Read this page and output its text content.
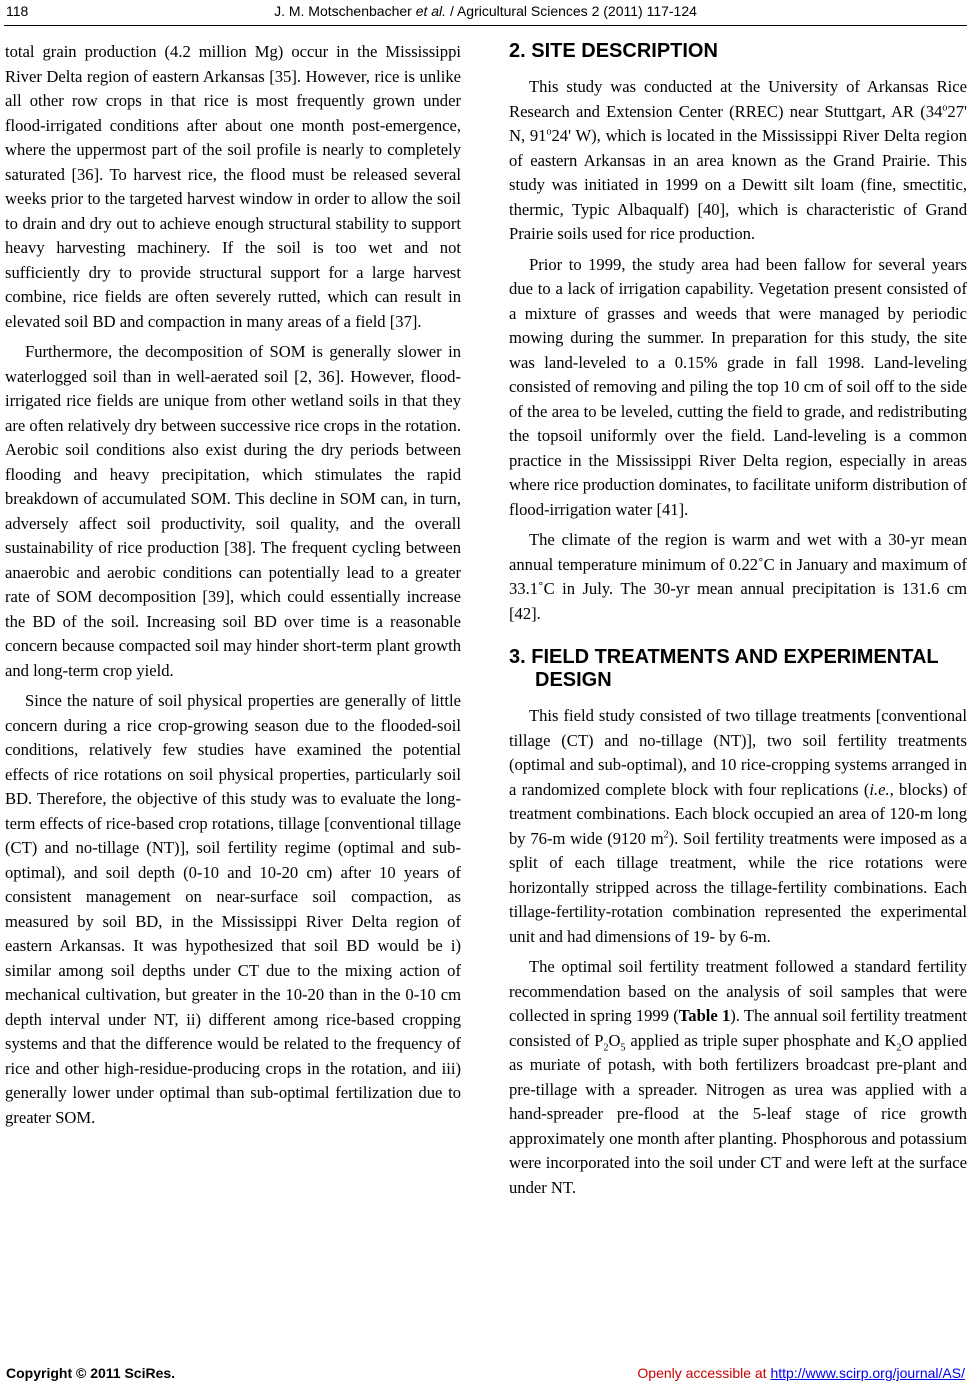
118	J. M. Motschenbacher et al. / Agricultural Sciences 2 (2011) 117-124

total grain production (4.2 million Mg) occur in the Mississippi River Delta region of eastern Arkansas [35]. However, rice is unlike all other row crops in that rice is most frequently grown under flood-irrigated conditions after about one month post-emergence, where the uppermost part of the soil profile is nearly to completely saturated [36]. To harvest rice, the flood must be released several weeks prior to the targeted harvest window in order to allow the soil to drain and dry out to achieve enough structural stability to support heavy harvesting machinery. If the soil is too wet and not sufficiently dry to provide structural support for a large harvest combine, rice fields are often severely rutted, which can result in elevated soil BD and compaction in many areas of a field [37].

Furthermore, the decomposition of SOM is generally slower in waterlogged soil than in well-aerated soil [2, 36]. However, flood-irrigated rice fields are unique from other wetland soils in that they are often relatively dry between successive rice crops in the rotation. Aerobic soil conditions also exist during the dry periods between flooding and heavy precipitation, which stimulates the rapid breakdown of accumulated SOM. This decline in SOM can, in turn, adversely affect soil productivity, soil quality, and the overall sustainability of rice production [38]. The frequent cycling between anaerobic and aerobic conditions can potentially lead to a greater rate of SOM decomposition [39], which could essentially increase the BD of the soil. Increasing soil BD over time is a reasonable concern because compacted soil may hinder short-term plant growth and long-term crop yield.

Since the nature of soil physical properties are generally of little concern during a rice crop-growing season due to the flooded-soil conditions, relatively few studies have examined the potential effects of rice rotations on soil physical properties, particularly soil BD. Therefore, the objective of this study was to evaluate the long-term effects of rice-based crop rotations, tillage [conventional tillage (CT) and no-tillage (NT)], soil fertility regime (optimal and sub-optimal), and soil depth (0-10 and 10-20 cm) after 10 years of consistent management on near-surface soil compaction, as measured by soil BD, in the Mississippi River Delta region of eastern Arkansas. It was hypothesized that soil BD would be i) similar among soil depths under CT due to the mixing action of mechanical cultivation, but greater in the 10-20 than in the 0-10 cm depth interval under NT, ii) different among rice-based cropping systems and that the difference would be related to the frequency of rice and other high-residue-producing crops in the rotation, and iii) generally lower under optimal than sub-optimal fertilization due to greater SOM.

2. SITE DESCRIPTION

This study was conducted at the University of Arkansas Rice Research and Extension Center (RREC) near Stuttgart, AR (34$^o$27' N, 91$^o$24' W), which is located in the Mississippi River Delta region of eastern Arkansas in an area known as the Grand Prairie. This study was initiated in 1999 on a Dewitt silt loam (fine, smectitic, thermic, Typic Albaqualf) [40], which is characteristic of Grand Prairie soils used for rice production.

Prior to 1999, the study area had been fallow for several years due to a lack of irrigation capability. Vegetation present consisted of a mixture of grasses and weeds that were managed by periodic mowing during the summer. In preparation for this study, the site was land-leveled to a 0.15% grade in fall 1998. Land-leveling consisted of removing and piling the top 10 cm of soil off to the side of the area to be leveled, cutting the field to grade, and redistributing the topsoil uniformly over the field. Land-leveling is a common practice in the Mississippi River Delta region, especially in areas where rice production dominates, to facilitate uniform distribution of flood-irrigation water [41].

The climate of the region is warm and wet with a 30-yr mean annual temperature minimum of 0.22˚C in January and maximum of 33.1˚C in July. The 30-yr mean annual precipitation is 131.6 cm [42].

3. FIELD TREATMENTS AND EXPERIMENTAL DESIGN

This field study consisted of two tillage treatments [conventional tillage (CT) and no-tillage (NT)], two soil fertility treatments (optimal and sub-optimal), and 10 rice-cropping systems arranged in a randomized complete block with four replications (i.e., blocks) of treatment combinations. Each block occupied an area of 120-m long by 76-m wide (9120 $m^2$). Soil fertility treatments were imposed as a split of each tillage treatment, while the rice rotations were horizontally stripped across the tillage-fertility combinations. Each tillage-fertility-rotation combination represented the experimental unit and had dimensions of 19- by 6-m.

The optimal soil fertility treatment followed a standard fertility recommendation based on the analysis of soil samples that were collected in spring 1999 (Table 1). The annual soil fertility treatment consisted of $P_2O_5$ applied as triple super phosphate and $K_2O$ applied as muriate of potash, with both fertilizers broadcast pre-plant and pre-tillage with a spreader. Nitrogen as urea was applied with a hand-spreader pre-flood at the 5-leaf stage of rice growth approximately one month after planting. Phosphorous and potassium were incorporated into the soil under CT and were left at the surface under NT.

Copyright © 2011 SciRes.	Openly accessible at http://www.scirp.org/journal/AS/
